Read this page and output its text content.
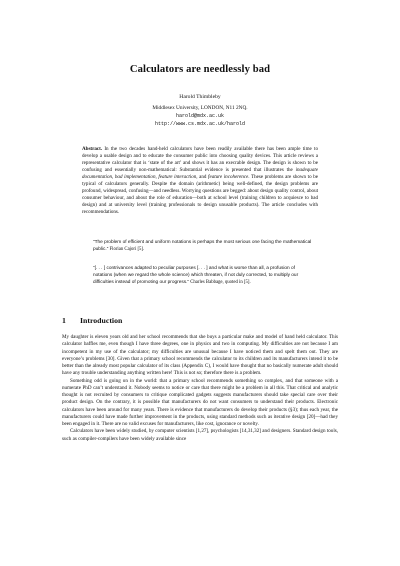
Calculators are needlessly bad
Harold Thimbleby
Middlesex University, LONDON, N11 2NQ.
harold@mdx.ac.uk
http://www.cs.mdx.ac.uk/harold
Abstract. In the two decades hand-held calculators have been readily available there has been ample time to develop a usable design and to educate the consumer public into choosing quality devices. This article reviews a representative calculator that is ‘state of the art’ and shows it has an execrable design. The design is shown to be confusing and essentially non-mathematical: Substantial evidence is presented that illustrates the inadequate documentation, bad implementation, feature interaction, and feature incoherence. These problems are shown to be typical of calculators generally. Despite the domain (arithmetic) being well-defined, the design problems are profound, widespread, confusing—and needless. Worrying questions are begged: about design quality control, about consumer behaviour, and about the role of education—both at school level (training children to acquiesce to bad design) and at university level (training professionals to design unusable products). The article concludes with recommendations.
“The problem of efficient and uniform notations is perhaps the most serious one facing the mathematical public.” Florian Cajori [5].
“[. . . ] contrivances adapted to peculiar purposes [. . . ] and what is worse than all, a profusion of notations (when we regard the whole science) which threaten, if not duly corrected, to multiply our difficulties instead of promoting our progress.” Charles Babbage, quoted in [5].
1 Introduction

My daughter is eleven years old and her school recommends that she buys a particular make and model of hand held calculator. This calculator baffles me, even though I have three degrees, one in physics and two in computing. My difficulties are not because I am incompetent in my use of the calculator; my difficulties are unusual because I have noticed them and spelt them out. They are everyone’s problems [30]. Given that a primary school recommends the calculator to its children and its manufacturers intend it to be better than the already most popular calculator of its class (Appendix C), I would have thought that no basically numerate adult should have any trouble understanding anything written here! This is not so; therefore there is a problem.

Something odd is going on in the world: that a primary school recommends something so complex, and that someone with a numerate PhD can’t understand it. Nobody seems to notice or care that there might be a problem in all this. That critical and analytic thought is not recruited by consumers to critique complicated gadgets suggests manufacturers should take special care over their product design. On the contrary, it is possible that manufacturers do not want consumers to understand their products. Electronic calculators have been around for many years. There is evidence that manufacturers do develop their products (§3); thus each year, the manufacturers could have made further improvement in the products, using standard methods such as iterative design [20]—had they been engaged in it. There are no valid excuses for manufacturers, like cost, ignorance or novelty.

Calculators have been widely studied, by computer scientists [1,27], psychologists [14,31,32] and designers. Standard design tools, such as compiler-compilers have been widely available since
